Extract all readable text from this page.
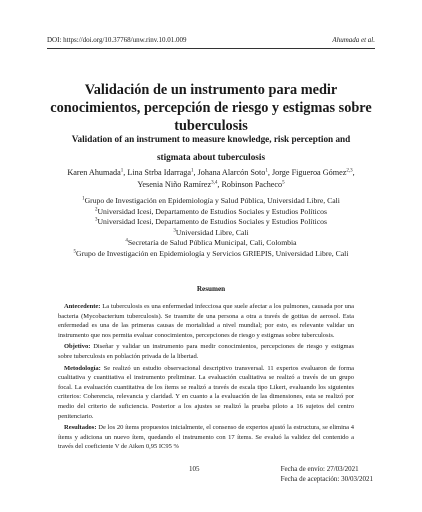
DOI: https://doi.org/10.37768/unw.rinv.10.01.009	Ahumada et al.
Validación de un instrumento para medir conocimientos, percepción de riesgo y estigmas sobre tuberculosis
Validation of an instrument to measure knowledge, risk perception and stigmata about tuberculosis
Karen Ahumada$^1$, Lina Strba Idarraga$^1$, Johana Alarcón Soto$^1$, Jorge Figueroa Gómez$^{2,3}$, Yesenia Niño Ramírez$^{3,4}$, Robinson Pacheco$^5$
$^1$Grupo de Investigación en Epidemiología y Salud Pública, Universidad Libre, Cali
$^2$Universidad Icesi, Departamento de Estudios Sociales y Estudios Políticos
$^3$Universidad Icesi, Departamento de Estudios Sociales y Estudios Políticos
$^3$Universidad Libre, Cali
$^4$Secretaría de Salud Pública Municipal, Cali, Colombia
$^5$Grupo de Investigación en Epidemiología y Servicios GRIEPIS, Universidad Libre, Cali
Resumen

Antecedente: La tuberculosis es una enfermedad infecciosa que suele afectar a los pulmones, causada por una bacteria (Mycobacterium tuberculosis). Se trasmite de una persona a otra a través de gotitas de aerosol. Esta enfermedad es una de las primeras causas de mortalidad a nivel mundial; por esto, es relevante validar un instrumento que nos permita evaluar conocimientos, percepciones de riesgo y estigmas sobre tuberculosis.

Objetivo: Diseñar y validar un instrumento para medir conocimientos, percepciones de riesgo y estigmas sobre tuberculosis en población privada de la libertad.

Metodología: Se realizó un estudio observacional descriptivo transversal. 11 expertos evaluaron de forma cualitativa y cuantitativa el instrumento preliminar. La evaluación cualitativa se realizó a través de un grupo focal. La evaluación cuantitativa de los ítems se realizó a través de escala tipo Likert, evaluando los siguientes criterios: Coherencia, relevancia y claridad. Y en cuanto a la evaluación de las dimensiones, esta se realizó por medio del criterio de suficiencia. Posterior a los ajustes se realizó la prueba piloto a 16 sujetos del centro penitenciario.

Resultados: De los 20 ítems propuestos inicialmente, el consenso de expertos ajustó la estructura, se elimina 4 ítems y adiciona un nuevo ítem, quedando el instrumento con 17 ítems. Se evaluó la validez del contenido a través del coeficiente V de Aiken 0,95 IC95 %

105	Fecha de envío: 27/03/2021
Fecha de aceptación: 30/03/2021
